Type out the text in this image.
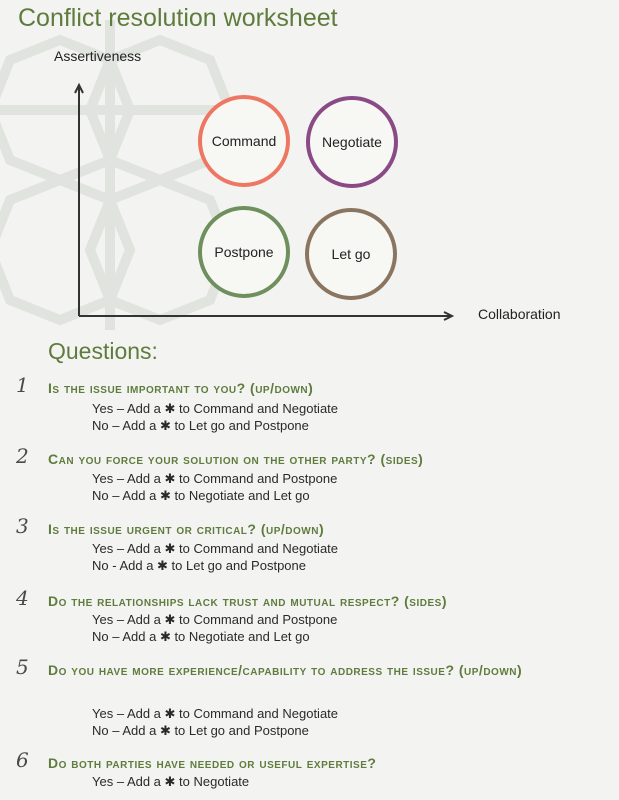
Conflict resolution worksheet
Assertiveness
Collaboration
Command	Negotiate
Postpone	Let go
Questions:
1	Is the issue important to you? (up/down)

Yes – Add a ✱ to Command and Negotiate
No – Add a ✱ to Let go and Postpone
2	Can you force your solution on the other party? (sides)

Yes – Add a ✱ to Command and Postpone
No – Add a ✱ to Negotiate and Let go
3	Is the issue urgent or critical? (up/down)

Yes – Add a ✱ to Command and Negotiate
No - Add a ✱ to Let go and Postpone
4	Do the relationships lack trust and mutual respect? (sides)

Yes – Add a ✱ to Command and Postpone
No – Add a ✱ to Negotiate and Let go
5	Do you have more experience/capability to address the issue? (up/down)

Yes – Add a ✱ to Command and Negotiate
No – Add a ✱ to Let go and Postpone
6	Do both parties have needed or useful expertise?

Yes – Add a ✱ to Negotiate
